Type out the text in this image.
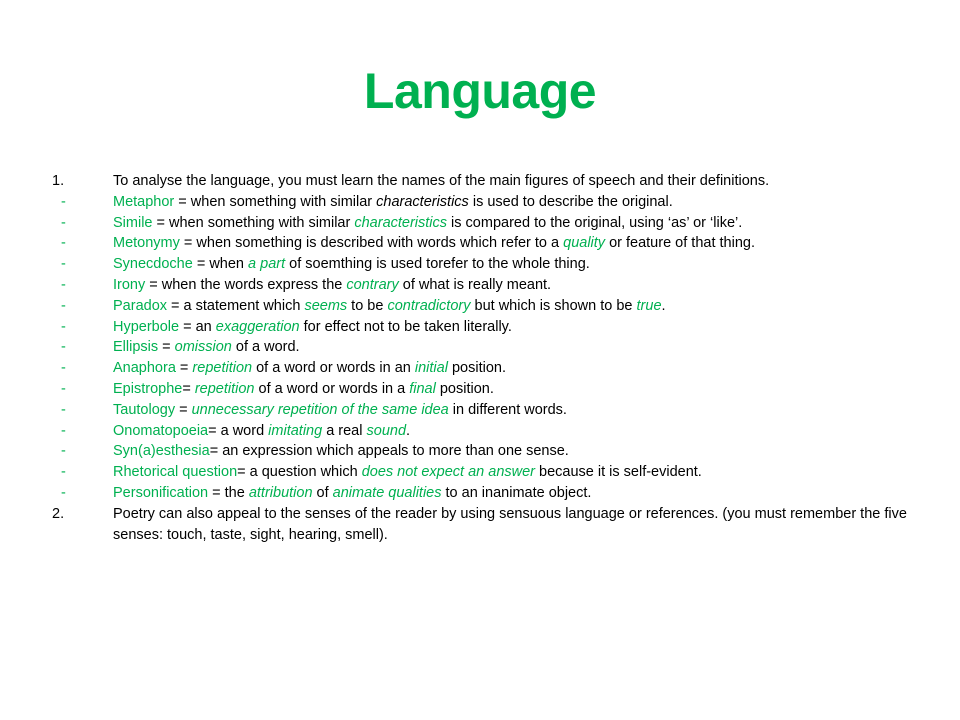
Language
1.	To analyse the language, you must learn the names of the main figures of speech and their definitions.
-	Metaphor = when something with similar characteristics is used to describe the original.
-	Simile = when something with similar characteristics is compared to the original, using ‘as’ or ‘like’.
-	Metonymy = when something is described with words which refer to a quality or feature of that thing.
-	Synecdoche = when a part of soemthing is used torefer to the whole thing.
-	Irony = when the words express the contrary of what is really meant.
-	Paradox = a statement which seems to be contradictory but which is shown to be true.
-	Hyperbole = an exaggeration for effect not to be taken literally.
-	Ellipsis = omission of a word.
-	Anaphora = repetition of a word or words in an initial position.
-	Epistrophe= repetition of a word or words in a final position.
-	Tautology = unnecessary repetition of the same idea in different words.
-	Onomatopoeia= a word imitating a real sound.
-	Syn(a)esthesia= an expression which appeals to more than one sense.
-	Rhetorical question= a question which does not expect an answer because it is self-evident.
-	Personification = the attribution of animate qualities to an inanimate object.
2.	Poetry can also appeal to the senses of the reader by using sensuous language or references. (you must remember the five senses: touch, taste, sight, hearing, smell).
